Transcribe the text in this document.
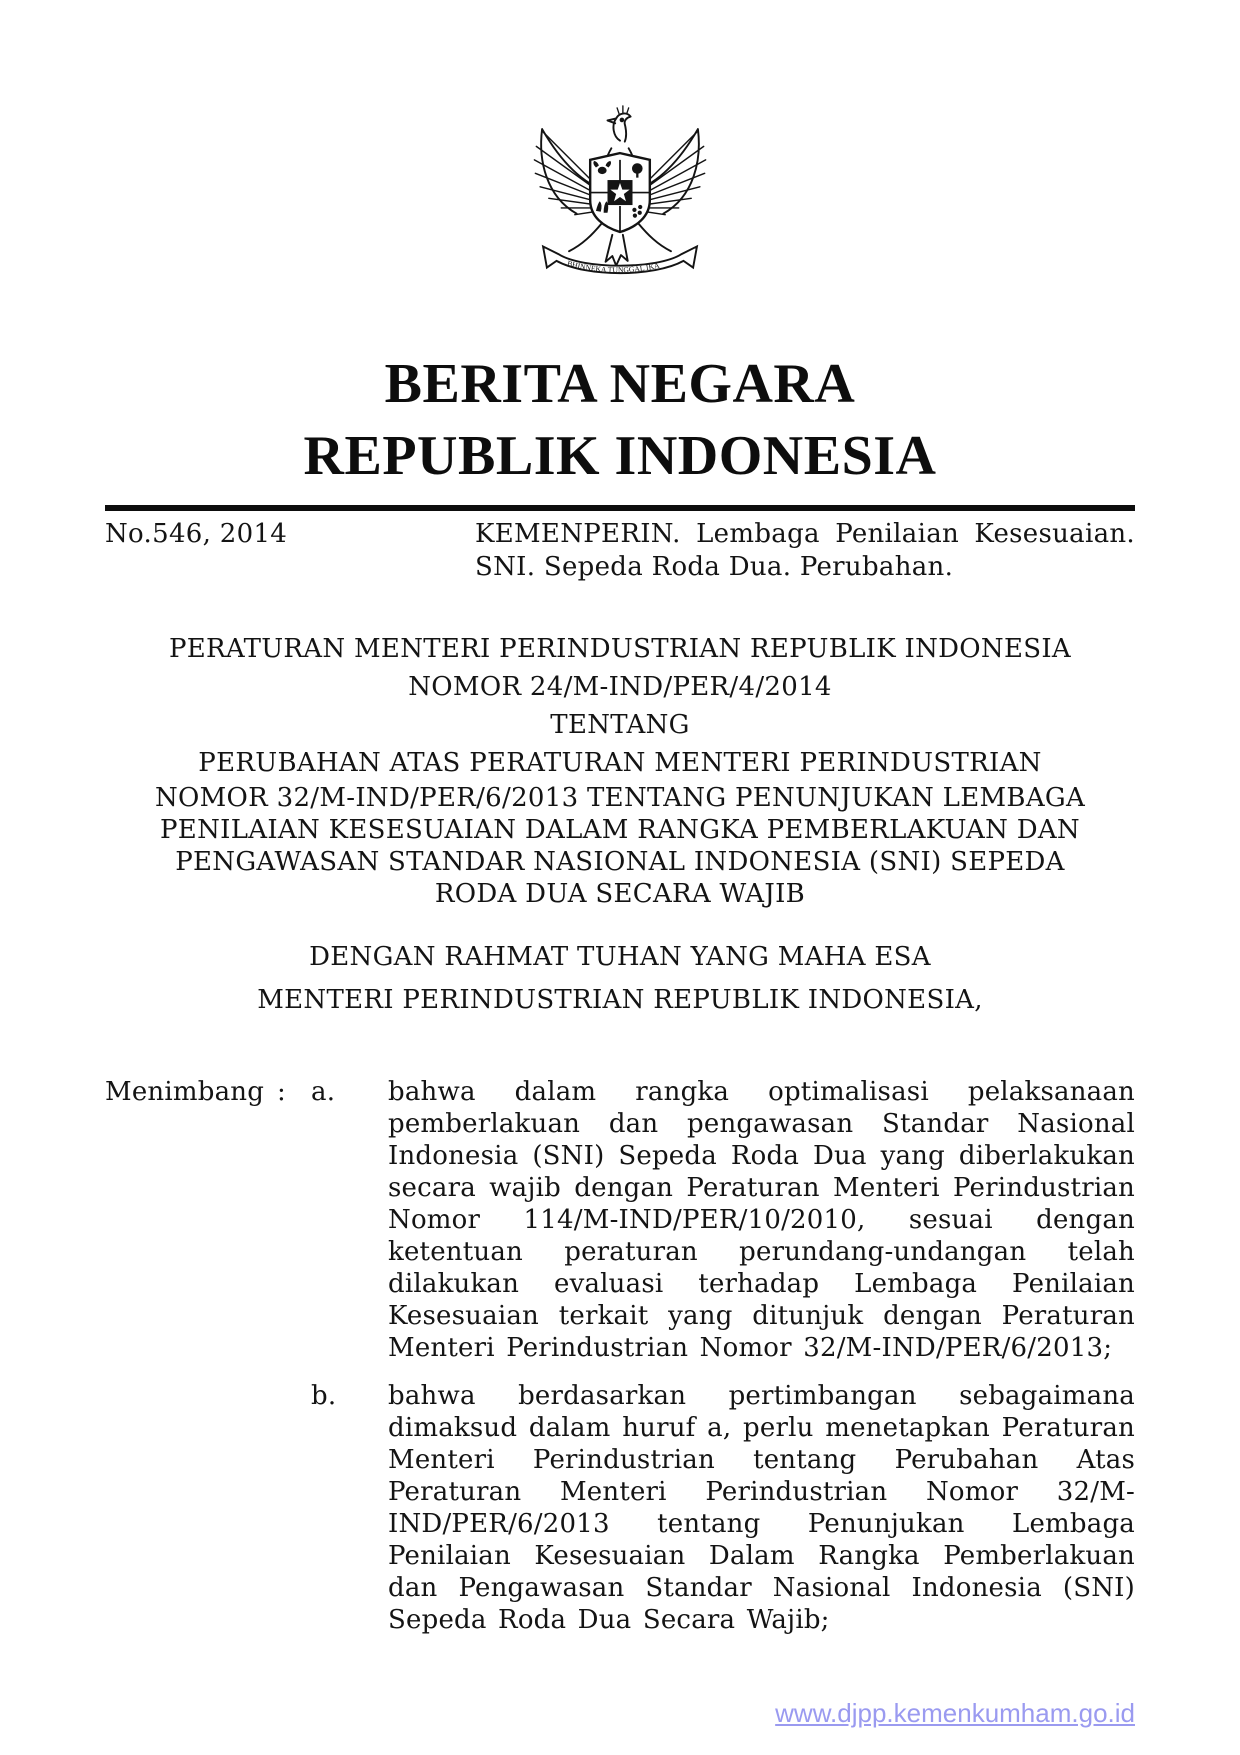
BHINNEKA TUNGGAL IKA
BERITA NEGARA
REPUBLIK INDONESIA
No.546, 2014	KEMENPERIN. Lembaga Penilaian Kesesuaian.
SNI. Sepeda Roda Dua. Perubahan.
PERATURAN MENTERI PERINDUSTRIAN REPUBLIK INDONESIA
NOMOR 24/M-IND/PER/4/2014
TENTANG
PERUBAHAN ATAS PERATURAN MENTERI PERINDUSTRIAN
NOMOR 32/M-IND/PER/6/2013 TENTANG PENUNJUKAN LEMBAGA PENILAIAN KESESUAIAN DALAM RANGKA PEMBERLAKUAN DAN PENGAWASAN STANDAR NASIONAL INDONESIA (SNI) SEPEDA RODA DUA SECARA WAJIB
DENGAN RAHMAT TUHAN YANG MAHA ESA
MENTERI PERINDUSTRIAN REPUBLIK INDONESIA,
Menimbang : a.	bahwa dalam rangka optimalisasi pelaksanaan pemberlakuan dan pengawasan Standar Nasional Indonesia (SNI) Sepeda Roda Dua yang diberlakukan secara wajib dengan Peraturan Menteri Perindustrian Nomor 114/M-IND/PER/10/2010, sesuai dengan ketentuan peraturan perundang-undangan telah dilakukan evaluasi terhadap Lembaga Penilaian Kesesuaian terkait yang ditunjuk dengan Peraturan Menteri Perindustrian Nomor 32/M-IND/PER/6/2013;
b.	bahwa berdasarkan pertimbangan sebagaimana dimaksud dalam huruf a, perlu menetapkan Peraturan Menteri Perindustrian tentang Perubahan Atas Peraturan Menteri Perindustrian Nomor 32/M-IND/PER/6/2013 tentang Penunjukan Lembaga Penilaian Kesesuaian Dalam Rangka Pemberlakuan dan Pengawasan Standar Nasional Indonesia (SNI) Sepeda Roda Dua Secara Wajib;
www.djpp.kemenkumham.go.id
